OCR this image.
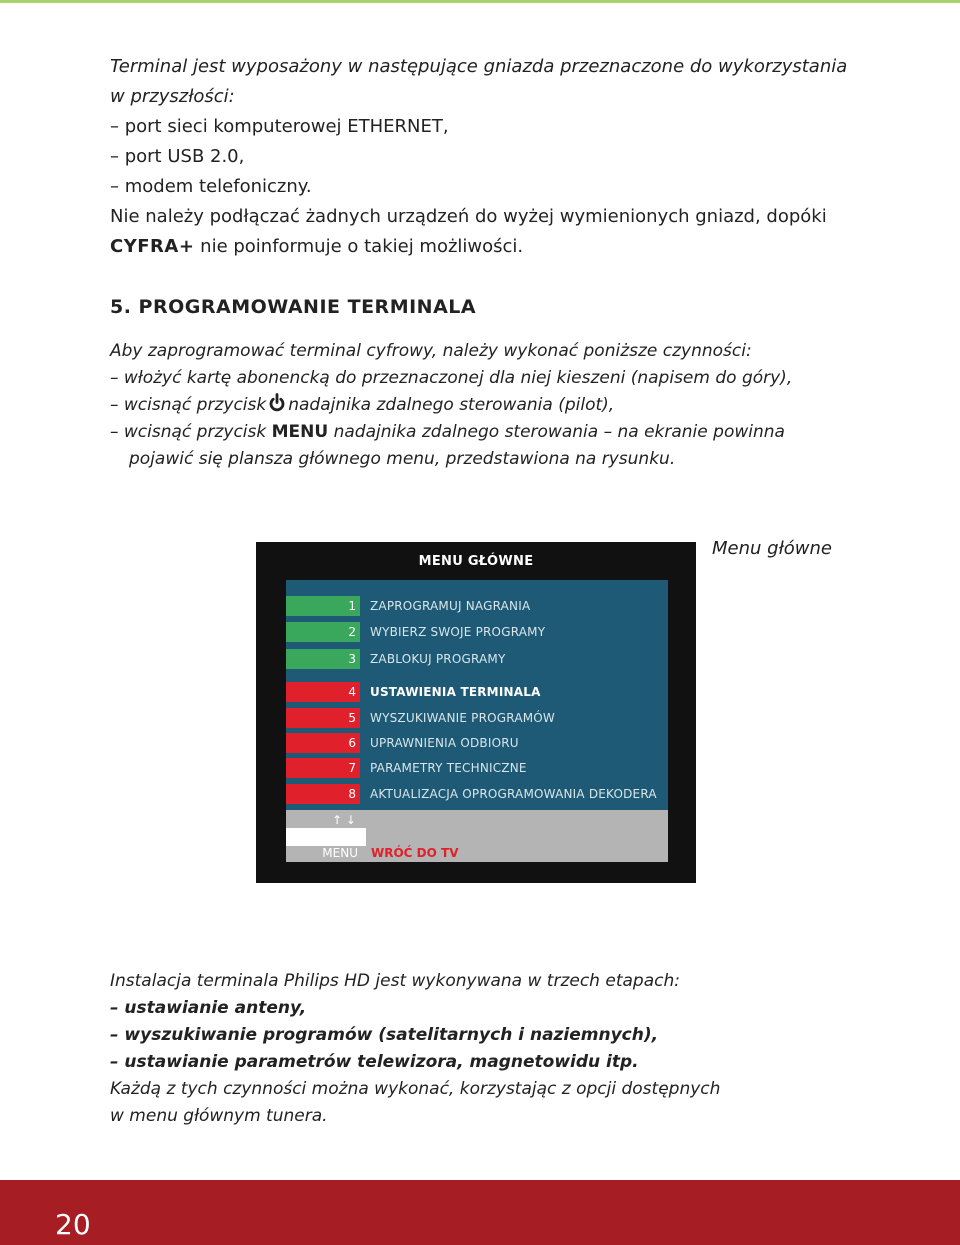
Terminal jest wyposażony w następujące gniazda przeznaczone do wykorzystania
w przyszłości:
– port sieci komputerowej ETHERNET,
– port USB 2.0,
– modem telefoniczny.
Nie należy podłączać żadnych urządzeń do wyżej wymienionych gniazd, dopóki
CYFRA+ nie poinformuje o takiej możliwości.
5. PROGRAMOWANIE TERMINALA
Aby zaprogramować terminal cyfrowy, należy wykonać poniższe czynności:
– włożyć kartę abonencką do przeznaczonej dla niej kieszeni (napisem do góry),
– wcisnąć przycisk nadajnika zdalnego sterowania (pilot),
– wcisnąć przycisk MENU nadajnika zdalnego sterowania – na ekranie powinna
pojawić się plansza głównego menu, przedstawiona na rysunku.
MENU GŁÓWNE
1	ZAPROGRAMUJ NAGRANIA
2	WYBIERZ SWOJE PROGRAMY
3	ZABLOKUJ PROGRAMY
4	USTAWIENIA TERMINALA
5	WYSZUKIWANIE PROGRAMÓW
6	UPRAWNIENIA ODBIORU
7	PARAMETRY TECHNICZNE
8	AKTUALIZACJA OPROGRAMOWANIA DEKODERA
↑ ↓
MENU WRÓĆ DO TV
Menu główne
Instalacja terminala Philips HD jest wykonywana w trzech etapach:
– ustawianie anteny,
– wyszukiwanie programów (satelitarnych i naziemnych),
– ustawianie parametrów telewizora, magnetowidu itp.
Każdą z tych czynności można wykonać, korzystając z opcji dostępnych
w menu głównym tunera.
20
